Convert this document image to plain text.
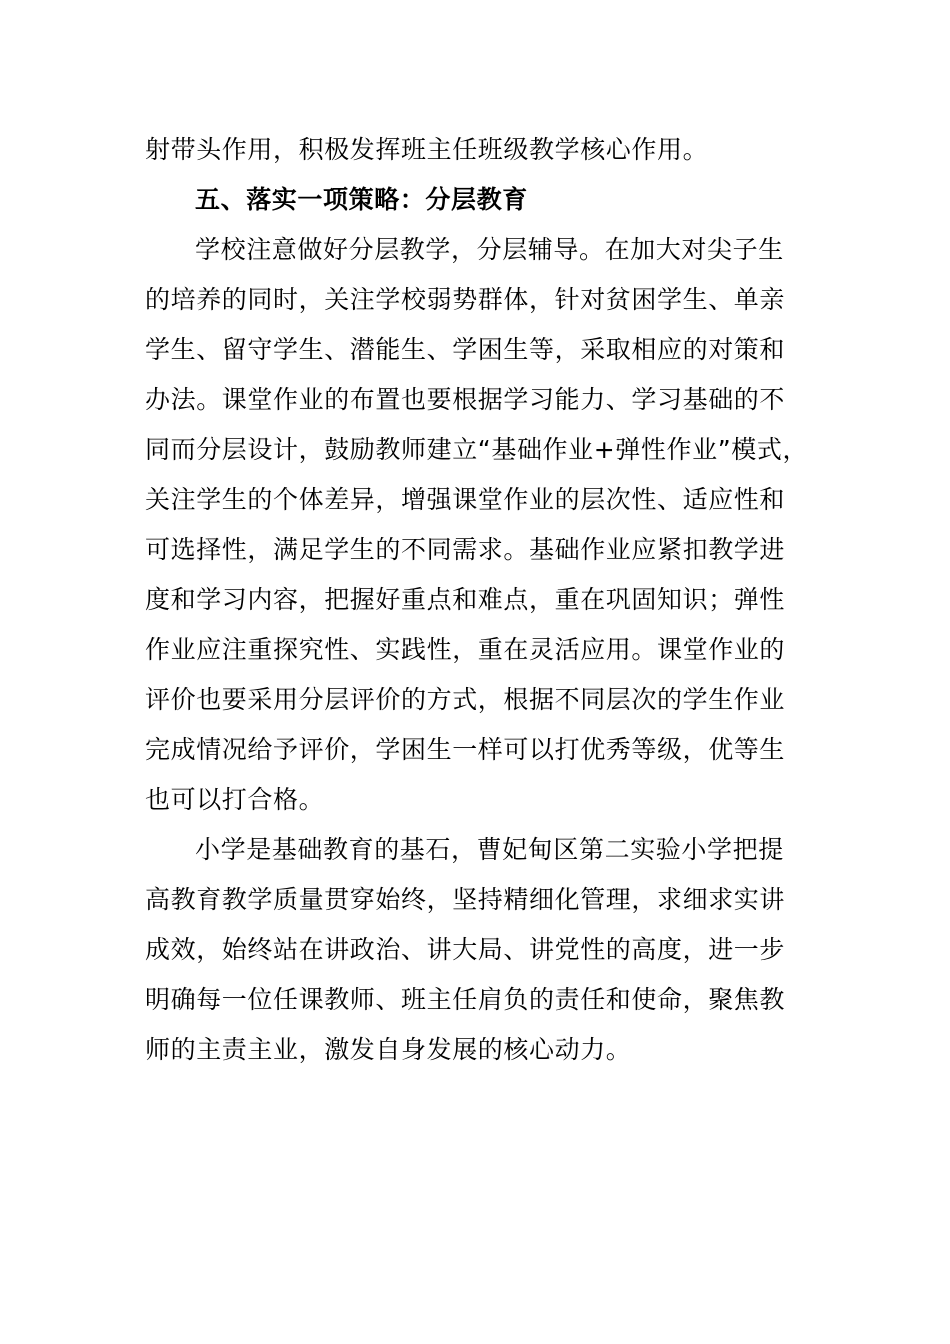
射带头作用，积极发挥班主任班级教学核心作用。
五、落实一项策略：分层教育
学校注意做好分层教学，分层辅导。在加大对尖子生
的培养的同时，关注学校弱势群体，针对贫困学生、单亲
学生、留守学生、潜能生、学困生等，采取相应的对策和
办法。课堂作业的布置也要根据学习能力、学习基础的不
同而分层设计，鼓励教师建立“基础作业+弹性作业”模式，
关注学生的个体差异，增强课堂作业的层次性、适应性和
可选择性，满足学生的不同需求。基础作业应紧扣教学进
度和学习内容，把握好重点和难点，重在巩固知识；弹性
作业应注重探究性、实践性，重在灵活应用。课堂作业的
评价也要采用分层评价的方式，根据不同层次的学生作业
完成情况给予评价，学困生一样可以打优秀等级，优等生
也可以打合格。
小学是基础教育的基石，曹妃甸区第二实验小学把提
高教育教学质量贯穿始终，坚持精细化管理，求细求实讲
成效，始终站在讲政治、讲大局、讲党性的高度，进一步
明确每一位任课教师、班主任肩负的责任和使命，聚焦教
师的主责主业，激发自身发展的核心动力。
